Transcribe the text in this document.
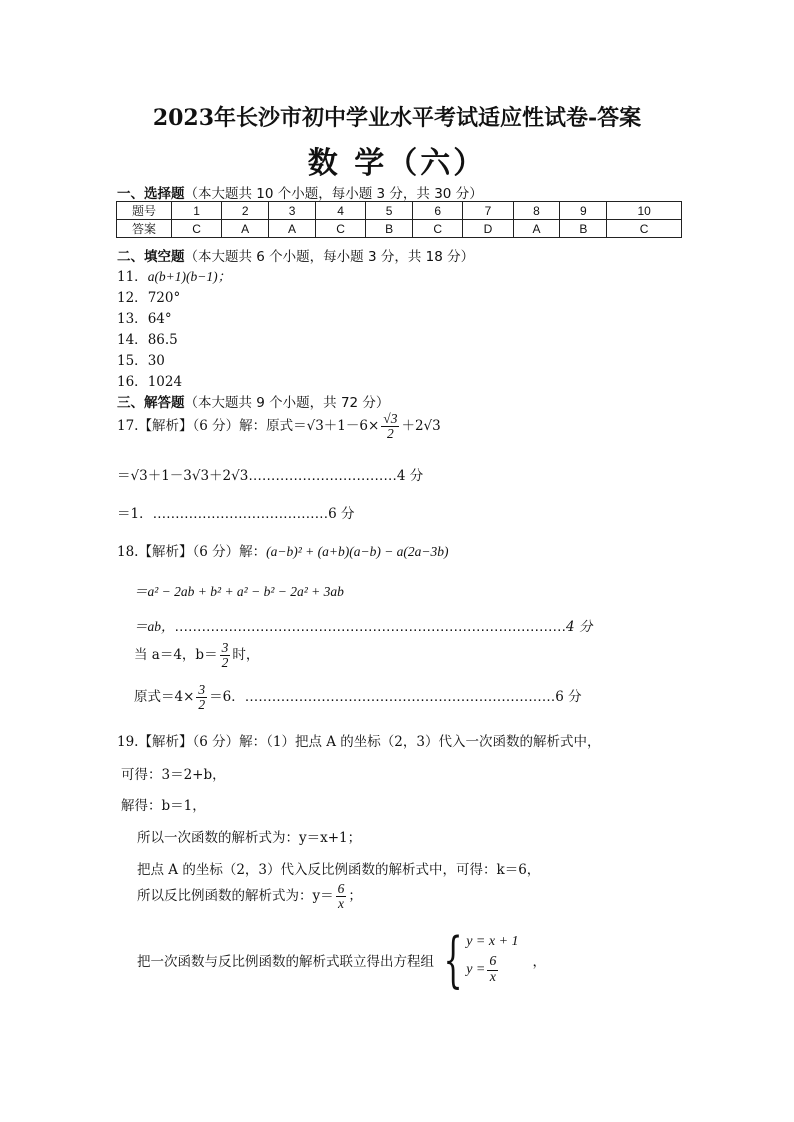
2023年长沙市初中学业水平考试适应性试卷-答案
数 学（六）
一、选择题（本大题共 10 个小题，每小题 3 分，共 30 分）
题号	1	2	3	4	5	6	7	8	9	10
答案	C	A	A	C	B	C	D	A	B	C
二、填空题（本大题共 6 个小题，每小题 3 分，共 18 分）
11．a(b+1)(b−1)；
12．720°
13．64°
14．86.5
15．30
16．1024
三、解答题（本大题共 9 个小题，共 72 分）
17.【解析】（6 分）解：原式$=√3+1-6\times \frac{√3}{2} +2√3$
＝√3＋1－3√3＋2√3……………………………4 分
＝1．…………………………………6 分
18.【解析】（6 分）解：(a−b)² + (a+b)(a−b) − a(2a−3b)
＝a² − 2ab + b² + a² − b² − 2a² + 3ab
＝ab，……………………………………………………………………………4 分
当 a＝4，$b= \frac{3}{2}$ 时，
原式$=4\times \frac{3}{2} =6$．……………………………………………………………6 分
19.【解析】（6 分）解：（1）把点 A 的坐标（2，3）代入一次函数的解析式中，
可得：3＝2+b，
解得：b＝1，
所以一次函数的解析式为：y＝x+1；
把点 A 的坐标（2，3）代入反比例函数的解析式中，可得：k＝6，
所以反比例函数的解析式为：$y= \frac{6}{x}$ ；
把一次函数与反比例函数的解析式联立得出方程组 { y = x + 1
$y = \frac{6}{x}$	，
